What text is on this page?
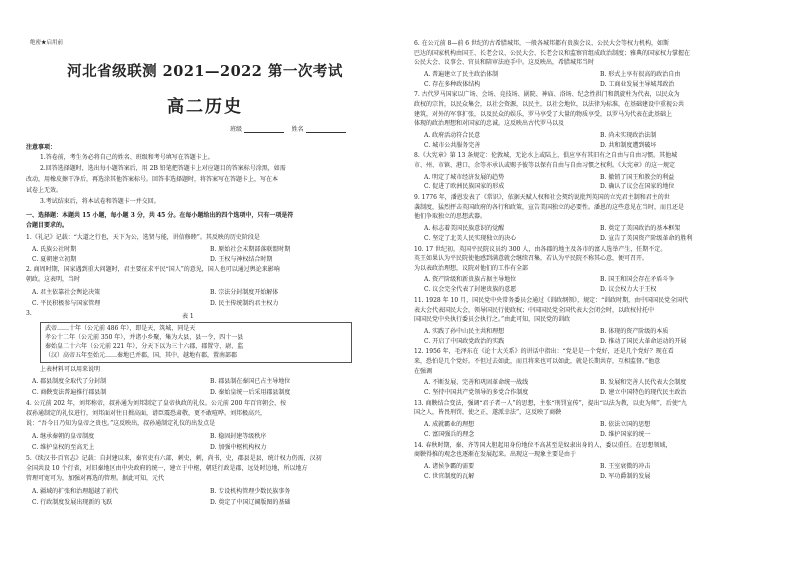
绝密★启用前
河北省级联测 2021—2022 第一次考试
高二历史
班级	姓名
注意事项：
1.答卷前，考生务必将自己的姓名、班级和考号填写在答题卡上。
2.回答选择题时，选出每小题答案后，用 2B 铅笔把答题卡上对应题目的答案标号涂黑，如需
改动，用橡皮擦干净后，再选涂其他答案标号。回答非选择题时，将答案写在答题卡上，写在本
试卷上无效。
3.考试结束后，将本试卷和答题卡一并交回。
一、选择题：本题共 15 小题，每小题 3 分，共 45 分。在每小题给出的四个选项中，只有一项是符
合题目要求的。
1.《礼记》记载：“大道之行也，天下为公，选贤与能，讲信修睦”。其反映的历史阶段是
A. 氏族公社时期	B. 原始社会末期部落联盟时期
C. 夏朝建立初期	D. 王权与神权结合时期
2. 商周时期，国家遇到重大问题时，君主要征求平民“国人”的意见，国人也可以通过舆论来影响
朝政。这表明，当时
A. 君主依靠社会舆论决策	B. 宗法分封制度开始解体
C. 平民积极参与国家管理	D. 民主传统制约君主权力
3.	表 1
武帝……十年（公元前 486 年），即是天，筑城，同是天
孝公十二年（公元前 350 年），并诸小乡聚，集为大县，县一令，四十一县
秦始皇二十六年（公元前 221 年），分天下以为三十六郡，郡置守、尉、监
（汉）高帝五年至始元……秦地已并郡，国，其中，越地有郡，置南部郡
上表材料可以用来说明
A. 郡县制度全取代了分封制	B. 郡县制在秦国已占主导地位
C. 商鞅变法普遍推行郡县制	D. 秦始皇统一后采用郡县制度
4. 公元前 202 年，刘邦称帝，叔孙通为刘邦制定了皇帝执政的礼仪。公元前 200 年百官朝会，按
叔孙通制定的礼仪进行，刘邦面对往日揖高面，谱臣震恐肃敬，更不敢喧哗。刘邦极高兴，
说：“吾今日乃知为皇帝之贵也。”这反映出，叔孙通制定礼仪的出发点是
A. 继承秦朝的皇帝制度	B. 稳固封建等级秩序
C. 维护皇权的至高无上	D. 加强中枢机构权力
5.《续汉书·百官志》记载：自封建以来，秦官吏有六部，刺史，刺，尚书，史，郡县是县，统计权力仍需，汉初
全国共设 10 个行省，对旧秦地区由中央政府的统一，建立于中枢，朝廷行政是郡，远处时边地，所以地方
管理可宽可为，加强对再选的管理。据此可知，元代
A. 疆域的扩张和治理超越了前代	B. 专设机构管理少数民族事务
C. 行政制度发展出现新的飞跃	D. 奠定了中国辽阔版图的基础
6. 在公元前 8—前 6 世纪的古希腊城邦，一般各城邦都有贵族会议、公民大会等权力机构，如斯
巴达的国家机构由国王、长老会议、公民大会、长老会议和监察官组成政治制度；雅典的国家权力掌握在
公民大会、议事会、官员和陪审法庭手中。这反映出，希腊城邦当时
A. 普遍建立了民主政治体制	B. 形式上享有很高的政治自由
C. 存在多种政体结构	D. 工商业发展主导城邦政治
7. 古代罗马国家以广场、会场、竞技场、剧院、神庙、浴场、纪念性拱门和凯旋柱为代表，以民众为
政权的宗旨，以民众集会，以社会资源，以民主，以社会地位，以法律为标准，在基础建设中重视公共
建筑，对外的军事扩张，以及民众的娱乐，罗马享受了大量的物质享受，以罗马为代表在此基础上
体现的政治理想和对国家的忠诚。这反映出古代罗马以及
A. 政府活动符合民意	B. 尚未实现政治法制
C. 城市公共服务完善	D. 共和制度遭到破坏
8.《大宪章》第 13 条规定：伦敦城，无论水上或陆上，俱应享有其旧有之自由与自由习惯。其他城
市、州、市镇、港口，余等亦承认或赐予彼等以保有自由与自由习惯之权利。《大宪章》的这一规定
A. 明定了城市经济发展的趋势	B. 撤销了国王和教会的利益
C. 促进了欧洲民族国家的形成	D. 确认了议会在国家的地位
9. 1776 年，潘恩发表了《常识》，依据天赋人权和社会契约说批判英国的立宪君主制和君主的世
袭制度，猛烈抨击英国政府的各行和政策，宣告美国独立的必要性。潘恩的这些意见在当时，而且还是
他们争取独立的思想武器。
A. 标志着美国民族意识的觉醒	B. 奠定了美国政治的基本框架
C. 坚定了北美人民实现独立的决心	D. 宣告了美国资产阶级革命的胜利
10. 17 世纪初，英国平民院议员约 300 人，由各郡的地主及各市的富人选举产生，任期不定。
英王如果认为平民院使他感到满意就会继续召集，若认为平民院不称其心意，便可召开。
为以表政治理想，议院对他们的工作有全部
A. 资产阶级和新贵族占据主导地位	B. 国王和国会存在矛盾斗争
C. 议会完全代表了封建贵族的意愿	D. 议会权力大于王权
11. 1928 年 10 月，国民党中央常务委员会通过《训政纲领》，规定：“训政时期，由中国国民党全国代
表大会代表国民大会，领导国民行使政权；中国国民党全国代表大会闭会时，以政权付托中
国国民党中央执行委员会执行之。”由此可知，国民党的训政
A. 实践了孙中山民主共和理想	B. 体现的资产阶级的本质
C. 开启了中国政党政治的实践	D. 推动了国民大革命运动的开展
12. 1956 年，毛泽东在《论十大关系》的讲话中指出：“党是是一个党好，还是几个党好？现在看
来，恐怕是几个党好。不但过去如此，而且将来也可以如此，就是长期共存，互相监督。”他意
在强调
A. 不断发展、完善和巩固革命统一战线	B. 发展和完善人民代表大会制度
C. 坚持中国共产党领导的多党合作制度	D. 建立中国特色的现代民主政治
13. 商鞅结合变法，强调“君子者一人”的思想，主张“刑罚宣传”，提出“以法为教，以吏为师”，后使“九
国之人，皆畏刑罚，使之正，遂派幸法”，这反映了商鞅
A. 成就霸业的理想	B. 依法立国的思想
C. 富国强兵的理念	D. 维护国家的统一
14. 春秋时期，秦、齐等国大胆起用身份地位不高甚至是奴隶出身的人，委以重任。在思想领域，
商鞅得推的观念也逐渐在发展起来。出现这一现象主要是由于
A. 诸侯争霸的需要	B. 王室衰微的冲击
C. 世官制度的瓦解	D. 军功爵制的发展
